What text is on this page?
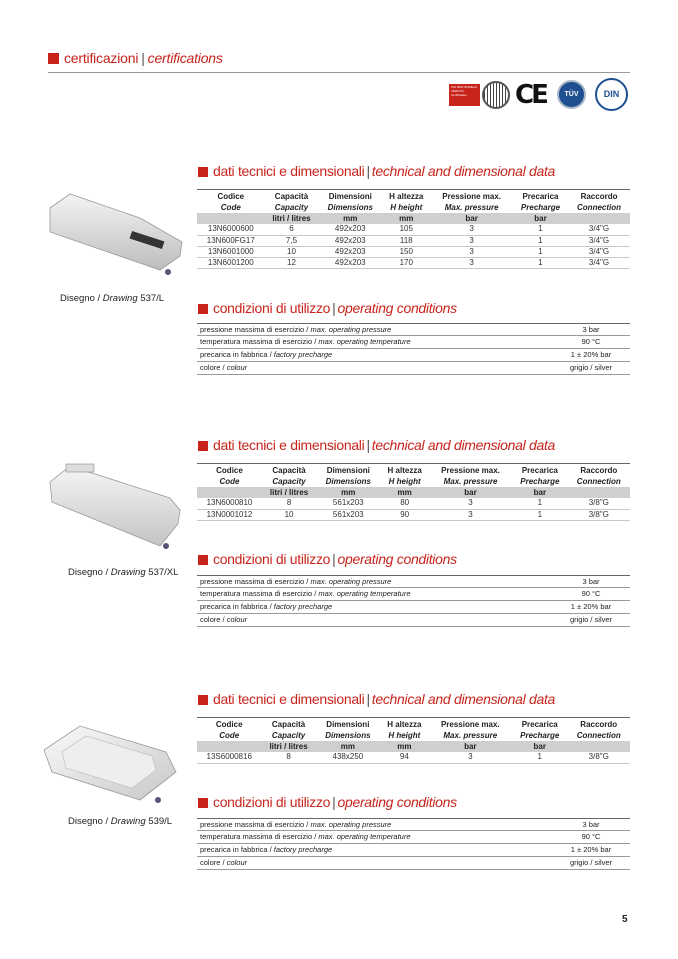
certificazioni | certifications
ISO 9001 BUREAU VERITAS Certification	CE	TÜV	DIN
dati tecnici e dimensionali | technical and dimensional data
Codice	Capacità	Dimensioni	H altezza	Pressione max.	Precarica	Raccordo
Code	Capacity	Dimensions	H height	Max. pressure	Precharge	Connection
	litri / litres	mm	mm	bar	bar	
13N6000600	6	492x203	105	3	1	3/4"G
13N600FG17	7,5	492x203	118	3	1	3/4"G
13N6001000	10	492x203	150	3	1	3/4"G
13N6001200	12	492x203	170	3	1	3/4"G
Disegno / Drawing 537/L
condizioni di utilizzo | operating conditions
pressione massima di esercizio / max. operating pressure	3 bar
temperatura massima di esercizio / max. operating temperature	90 °C
precarica in fabbrica / factory precharge	1 ± 20% bar
colore / colour	grigio / silver
dati tecnici e dimensionali | technical and dimensional data
Codice	Capacità	Dimensioni	H altezza	Pressione max.	Precarica	Raccordo
Code	Capacity	Dimensions	H height	Max. pressure	Precharge	Connection
	litri / litres	mm	mm	bar	bar	
13N6000810	8	561x203	80	3	1	3/8"G
13N0001012	10	561x203	90	3	1	3/8"G
Disegno / Drawing 537/XL
condizioni di utilizzo | operating conditions
pressione massima di esercizio / max. operating pressure	3 bar
temperatura massima di esercizio / max. operating temperature	90 °C
precarica in fabbrica / factory precharge	1 ± 20% bar
colore / colour	grigio / silver
dati tecnici e dimensionali | technical and dimensional data
Codice	Capacità	Dimensioni	H altezza	Pressione max.	Precarica	Raccordo
Code	Capacity	Dimensions	H height	Max. pressure	Precharge	Connection
	litri / litres	mm	mm	bar	bar	
13S6000816	8	438x250	94	3	1	3/8"G
Disegno / Drawing 539/L
condizioni di utilizzo | operating conditions
pressione massima di esercizio / max. operating pressure	3 bar
temperatura massima di esercizio / max. operating temperature	90 °C
precarica in fabbrica / factory precharge	1 ± 20% bar
colore / colour	grigio / silver
5
